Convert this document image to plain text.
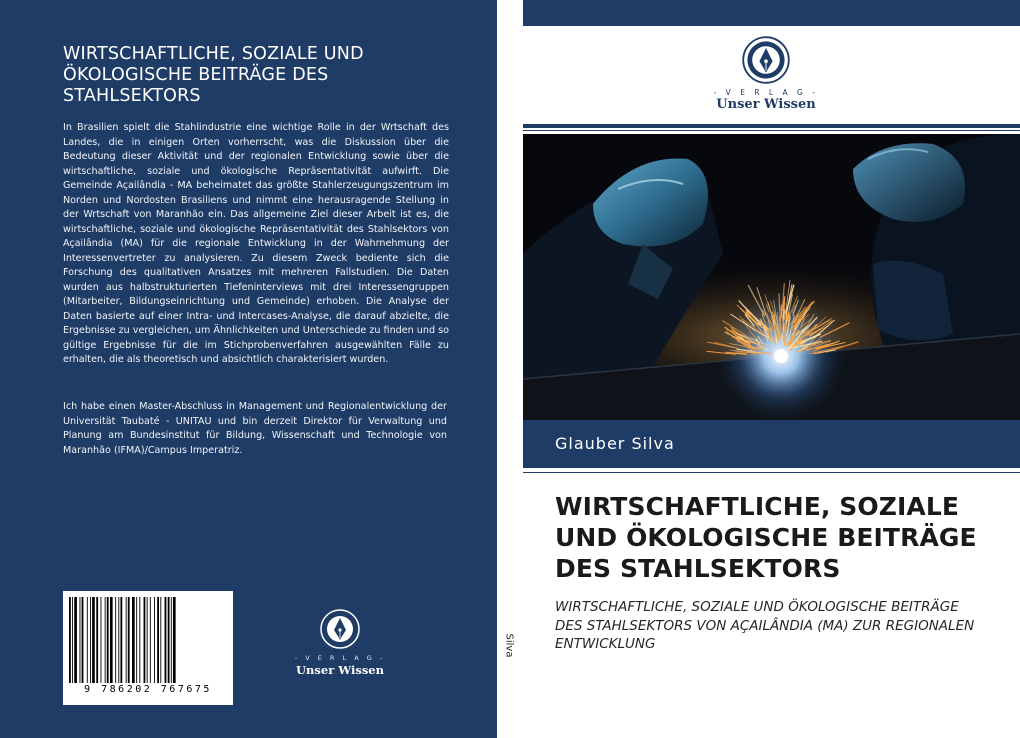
WIRTSCHAFTLICHE, SOZIALE UND ÖKOLOGISCHE BEITRÄGE DES STAHLSEKTORS

In Brasilien spielt die Stahlindustrie eine wichtige Rolle in der Wrtschaft des Landes, die in einigen Orten vorherrscht, was die Diskussion über die Bedeutung dieser Aktivität und der regionalen Entwicklung sowie über die wirtschaftliche, soziale und ökologische Repräsentativität aufwirft. Die Gemeinde Açailândia - MA beheimatet das größte Stahlerzeugungszentrum im Norden und Nordosten Brasiliens und nimmt eine herausragende Stellung in der Wrtschaft von Maranhão ein. Das allgemeine Ziel dieser Arbeit ist es, die wirtschaftliche, soziale und ökologische Repräsentativität des Stahlsektors von Açailândia (MA) für die regionale Entwicklung in der Wahrnehmung der Interessenvertreter zu analysieren. Zu diesem Zweck bediente sich die Forschung des qualitativen Ansatzes mit mehreren Fallstudien. Die Daten wurden aus halbstrukturierten Tiefeninterviews mit drei Interessengruppen (Mitarbeiter, Bildungseinrichtung und Gemeinde) erhoben. Die Analyse der Daten basierte auf einer Intra- und Intercases-Analyse, die darauf abzielte, die Ergebnisse zu vergleichen, um Ähnlichkeiten und Unterschiede zu finden und so gültige Ergebnisse für die im Stichprobenverfahren ausgewählten Fälle zu erhalten, die als theoretisch und absichtlich charakterisiert wurden.

Ich habe einen Master-Abschluss in Management und Regionalentwicklung der Universität Taubaté - UNITAU und bin derzeit Direktor für Verwaltung und Planung am Bundesinstitut für Bildung, Wissenschaft und Technologie von Maranhão (IFMA)/Campus Imperatriz.

9 786202 767675
- V E R L A G -
Unser Wissen
Silva
- V E R L A G -
Unser Wissen
Glauber Silva
WIRTSCHAFTLICHE, SOZIALE UND ÖKOLOGISCHE BEITRÄGE DES STAHLSEKTORS

WIRTSCHAFTLICHE, SOZIALE UND ÖKOLOGISCHE BEITRÄGE DES STAHLSEKTORS VON AÇAILÂNDIA (MA) ZUR REGIONALEN ENTWICKLUNG
